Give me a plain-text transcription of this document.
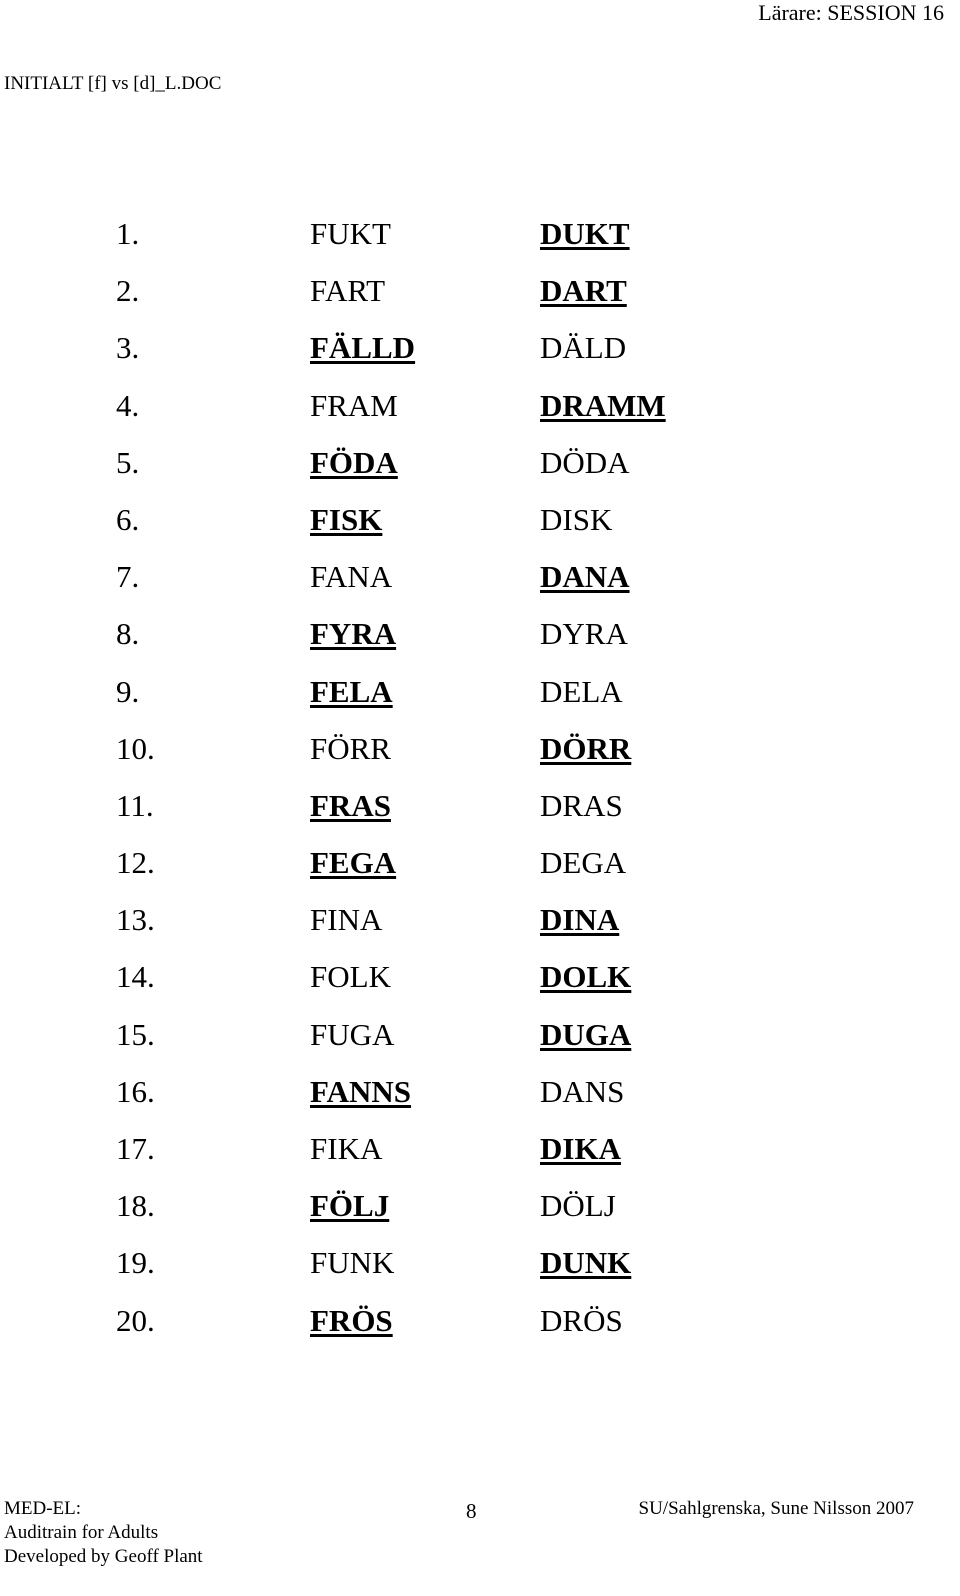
Lärare: SESSION 16
INITIALT [f] vs [d]_L.DOC
1.	FUKT	DUKT
2.	FART	DART
3.	FÄLLD	DÄLD
4.	FRAM	DRAMM
5.	FÖDA	DÖDA
6.	FISK	DISK
7.	FANA	DANA
8.	FYRA	DYRA
9.	FELA	DELA
10.	FÖRR	DÖRR
11.	FRAS	DRAS
12.	FEGA	DEGA
13.	FINA	DINA
14.	FOLK	DOLK
15.	FUGA	DUGA
16.	FANNS	DANS
17.	FIKA	DIKA
18.	FÖLJ	DÖLJ
19.	FUNK	DUNK
20.	FRÖS	DRÖS
MED-EL:
Auditrain for Adults
Developed by Geoff Plant
8	SU/Sahlgrenska, Sune Nilsson 2007
